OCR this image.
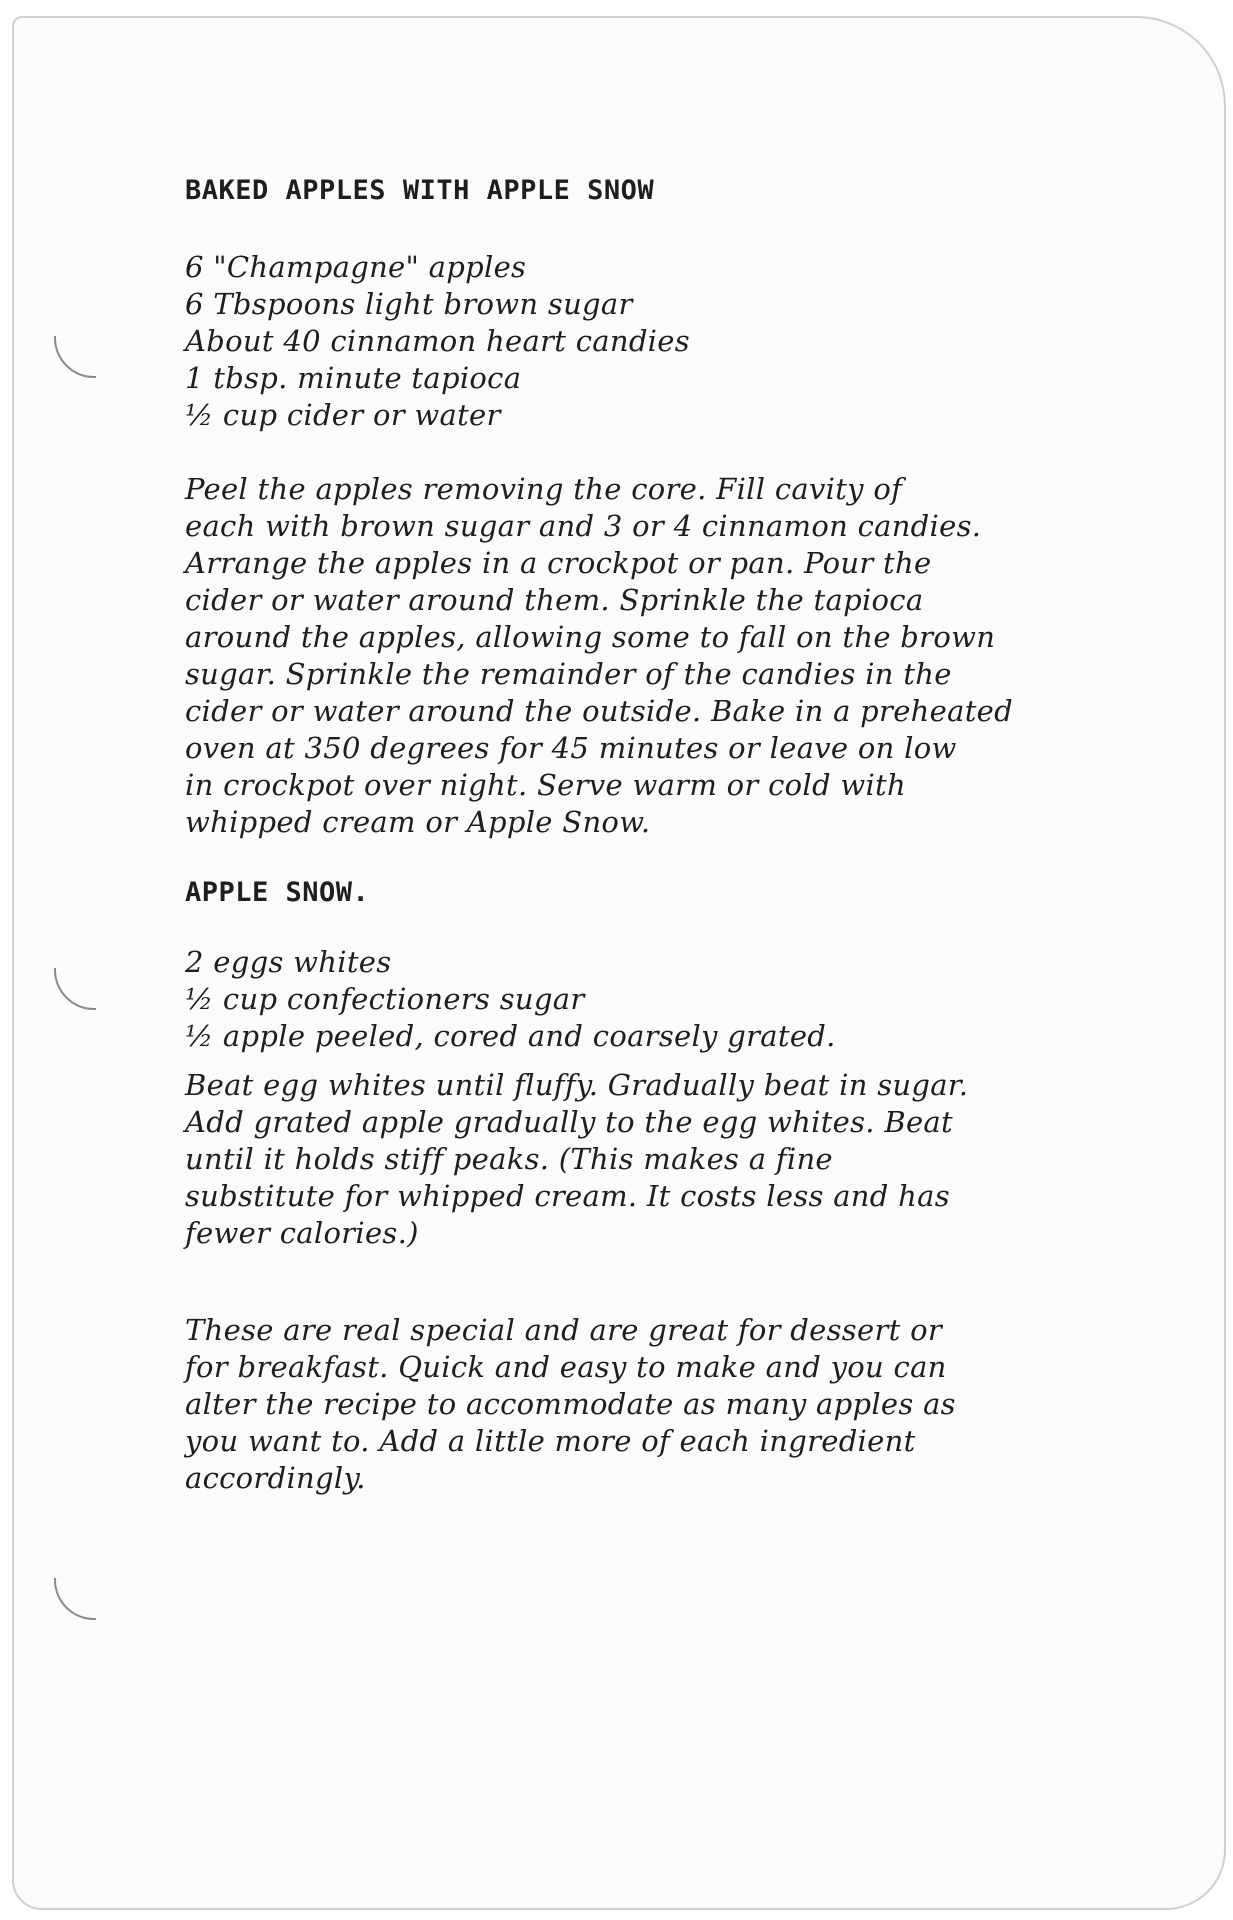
BAKED APPLES WITH APPLE SNOW
6 "Champagne" apples
6 Tbspoons light brown sugar
About 40 cinnamon heart candies
1 tbsp. minute tapioca
½ cup cider or water

Peel the apples removing the core. Fill cavity of
each with brown sugar and 3 or 4 cinnamon candies.
Arrange the apples in a crockpot or pan. Pour the
cider or water around them. Sprinkle the tapioca
around the apples, allowing some to fall on the brown
sugar. Sprinkle the remainder of the candies in the
cider or water around the outside. Bake in a preheated
oven at 350 degrees for 45 minutes or leave on low
in crockpot over night. Serve warm or cold with
whipped cream or Apple Snow.

APPLE SNOW.
2 eggs whites
½ cup confectioners sugar
½ apple peeled, cored and coarsely grated.

Beat egg whites until fluffy. Gradually beat in sugar.
Add grated apple gradually to the egg whites. Beat
until it holds stiff peaks. (This makes a fine
substitute for whipped cream. It costs less and has
fewer calories.)

These are real special and are great for dessert or
for breakfast. Quick and easy to make and you can
alter the recipe to accommodate as many apples as
you want to. Add a little more of each ingredient
accordingly.
